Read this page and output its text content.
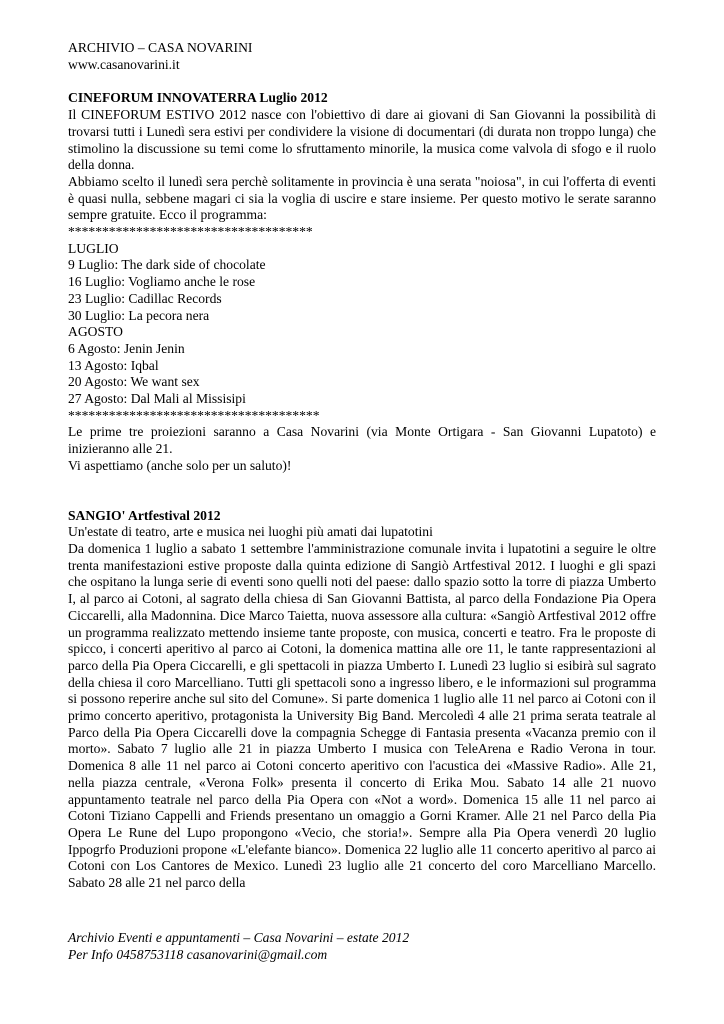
ARCHIVIO – CASA NOVARINI

www.casanovarini.it

CINEFORUM INNOVATERRA Luglio 2012

Il CINEFORUM ESTIVO 2012 nasce con l'obiettivo di dare ai giovani di San Giovanni la possibilità di trovarsi tutti i Lunedì sera estivi per condividere la visione di documentari (di durata non troppo lunga) che stimolino la discussione su temi come lo sfruttamento minorile, la musica come valvola di sfogo e il ruolo della donna.

Abbiamo scelto il lunedì sera perchè solitamente in provincia è una serata "noiosa", in cui l'offerta di eventi è quasi nulla, sebbene magari ci sia la voglia di uscire e stare insieme. Per questo motivo le serate saranno sempre gratuite. Ecco il programma:

************************************

LUGLIO

9 Luglio: The dark side of chocolate

16 Luglio: Vogliamo anche le rose

23 Luglio: Cadillac Records

30 Luglio: La pecora nera

AGOSTO

6 Agosto: Jenin Jenin

13 Agosto: Iqbal

20 Agosto: We want sex

27 Agosto: Dal Mali al Missisipi

*************************************

Le prime tre proiezioni saranno a Casa Novarini (via Monte Ortigara - San Giovanni Lupatoto) e inizieranno alle 21.

Vi aspettiamo (anche solo per un saluto)!

SANGIO' Artfestival 2012

Un'estate di teatro, arte e musica nei luoghi più amati dai lupatotini

Da domenica 1 luglio a sabato 1 settembre l'amministrazione comunale invita i lupatotini a seguire le oltre trenta manifestazioni estive proposte dalla quinta edizione di Sangiò Artfestival 2012. I luoghi e gli spazi che ospitano la lunga serie di eventi sono quelli noti del paese: dallo spazio sotto la torre di piazza Umberto I, al parco ai Cotoni, al sagrato della chiesa di San Giovanni Battista, al parco della Fondazione Pia Opera Ciccarelli, alla Madonnina. Dice Marco Taietta, nuova assessore alla cultura: «Sangiò Artfestival 2012 offre un programma realizzato mettendo insieme tante proposte, con musica, concerti e teatro. Fra le proposte di spicco, i concerti aperitivo al parco ai Cotoni, la domenica mattina alle ore 11, le tante rappresentazioni al parco della Pia Opera Ciccarelli, e gli spettacoli in piazza Umberto I. Lunedì 23 luglio si esibirà sul sagrato della chiesa il coro Marcelliano. Tutti gli spettacoli sono a ingresso libero, e le informazioni sul programma si possono reperire anche sul sito del Comune». Si parte domenica 1 luglio alle 11 nel parco ai Cotoni con il primo concerto aperitivo, protagonista la University Big Band. Mercoledì 4 alle 21 prima serata teatrale al Parco della Pia Opera Ciccarelli dove la compagnia Schegge di Fantasia presenta «Vacanza premio con il morto». Sabato 7 luglio alle 21 in piazza Umberto I musica con TeleArena e Radio Verona in tour. Domenica 8 alle 11 nel parco ai Cotoni concerto aperitivo con l'acustica dei «Massive Radio». Alle 21, nella piazza centrale, «Verona Folk» presenta il concerto di Erika Mou. Sabato 14 alle 21 nuovo appuntamento teatrale nel parco della Pia Opera con «Not a word». Domenica 15 alle 11 nel parco ai Cotoni Tiziano Cappelli and Friends presentano un omaggio a Gorni Kramer. Alle 21 nel Parco della Pia Opera Le Rune del Lupo propongono «Vecio, che storia!». Sempre alla Pia Opera venerdì 20 luglio Ippogrfo Produzioni propone «L'elefante bianco». Domenica 22 luglio alle 11 concerto aperitivo al parco ai Cotoni con Los Cantores de Mexico. Lunedì 23 luglio alle 21 concerto del coro Marcelliano Marcello. Sabato 28 alle 21 nel parco della

Archivio Eventi e appuntamenti – Casa Novarini – estate 2012

Per Info 0458753118 casanovarini@gmail.com
